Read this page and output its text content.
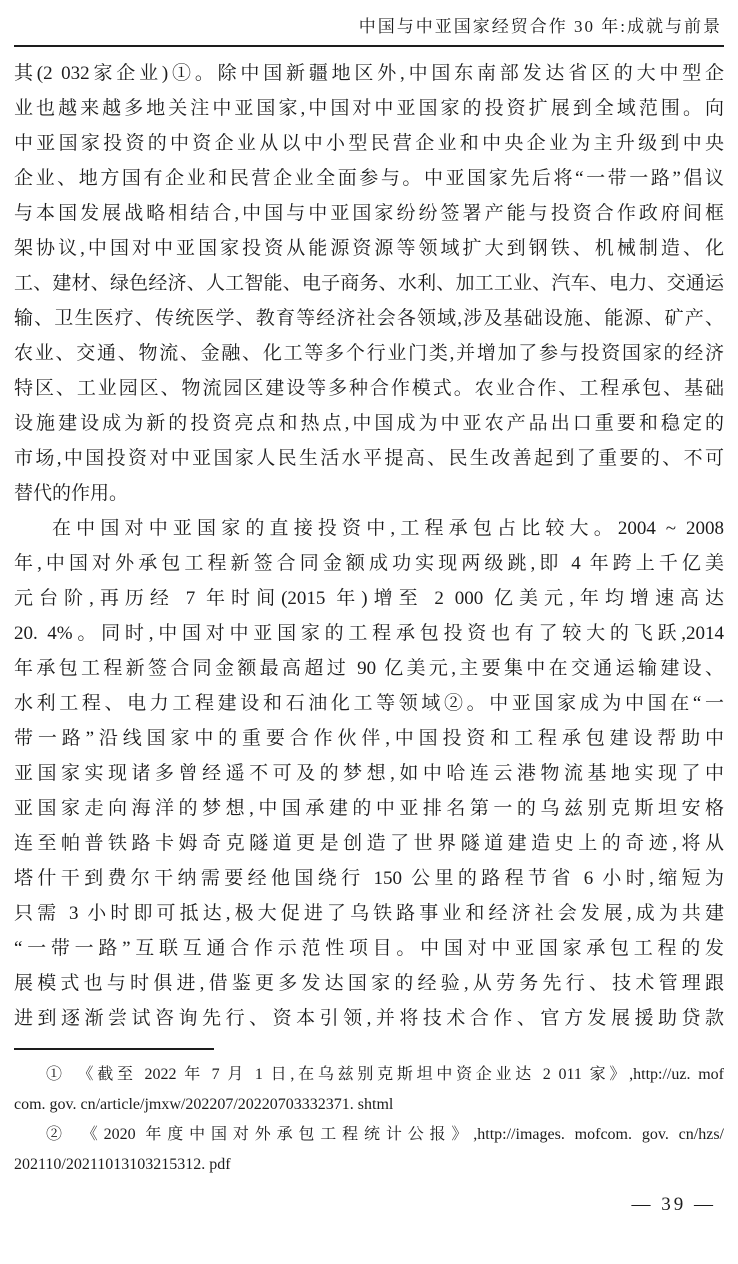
中国与中亚国家经贸合作 30 年:成就与前景
其(2 032家企业)①。除中国新疆地区外,中国东南部发达省区的大中型企
业也越来越多地关注中亚国家,中国对中亚国家的投资扩展到全域范围。向
中亚国家投资的中资企业从以中小型民营企业和中央企业为主升级到中央
企业、地方国有企业和民营企业全面参与。中亚国家先后将“一带一路”倡议
与本国发展战略相结合,中国与中亚国家纷纷签署产能与投资合作政府间框
架协议,中国对中亚国家投资从能源资源等领域扩大到钢铁、机械制造、化
工、建材、绿色经济、人工智能、电子商务、水利、加工工业、汽车、电力、交通运
输、卫生医疗、传统医学、教育等经济社会各领域,涉及基础设施、能源、矿产、
农业、交通、物流、金融、化工等多个行业门类,并增加了参与投资国家的经济
特区、工业园区、物流园区建设等多种合作模式。农业合作、工程承包、基础
设施建设成为新的投资亮点和热点,中国成为中亚农产品出口重要和稳定的
市场,中国投资对中亚国家人民生活水平提高、民生改善起到了重要的、不可
替代的作用。
在中国对中亚国家的直接投资中,工程承包占比较大。2004 ~ 2008
年,中国对外承包工程新签合同金额成功实现两级跳,即 4 年跨上千亿美
元台阶,再历经 7 年时间(2015 年)增至 2 000 亿美元,年均增速高达
20. 4%。同时,中国对中亚国家的工程承包投资也有了较大的飞跃,2014
年承包工程新签合同金额最高超过 90 亿美元,主要集中在交通运输建设、
水利工程、电力工程建设和石油化工等领域②。中亚国家成为中国在“一
带一路”沿线国家中的重要合作伙伴,中国投资和工程承包建设帮助中
亚国家实现诸多曾经遥不可及的梦想,如中哈连云港物流基地实现了中
亚国家走向海洋的梦想,中国承建的中亚排名第一的乌兹别克斯坦安格
连至帕普铁路卡姆奇克隧道更是创造了世界隧道建造史上的奇迹,将从
塔什干到费尔干纳需要经他国绕行 150 公里的路程节省 6 小时,缩短为
只需 3 小时即可抵达,极大促进了乌铁路事业和经济社会发展,成为共建
“一带一路”互联互通合作示范性项目。中国对中亚国家承包工程的发
展模式也与时俱进,借鉴更多发达国家的经验,从劳务先行、技术管理跟
进到逐渐尝试咨询先行、资本引领,并将技术合作、官方发展援助贷款
①　《截至 2022 年 7 月 1 日,在乌兹别克斯坦中资企业达 2 011 家》,http://uz. mof
com. gov. cn/article/jmxw/202207/20220703332371. shtml
②　《2020 年度中国对外承包工程统计公报》,http://images. mofcom. gov. cn/hzs/
202110/20211013103215312. pdf
— 39 —
